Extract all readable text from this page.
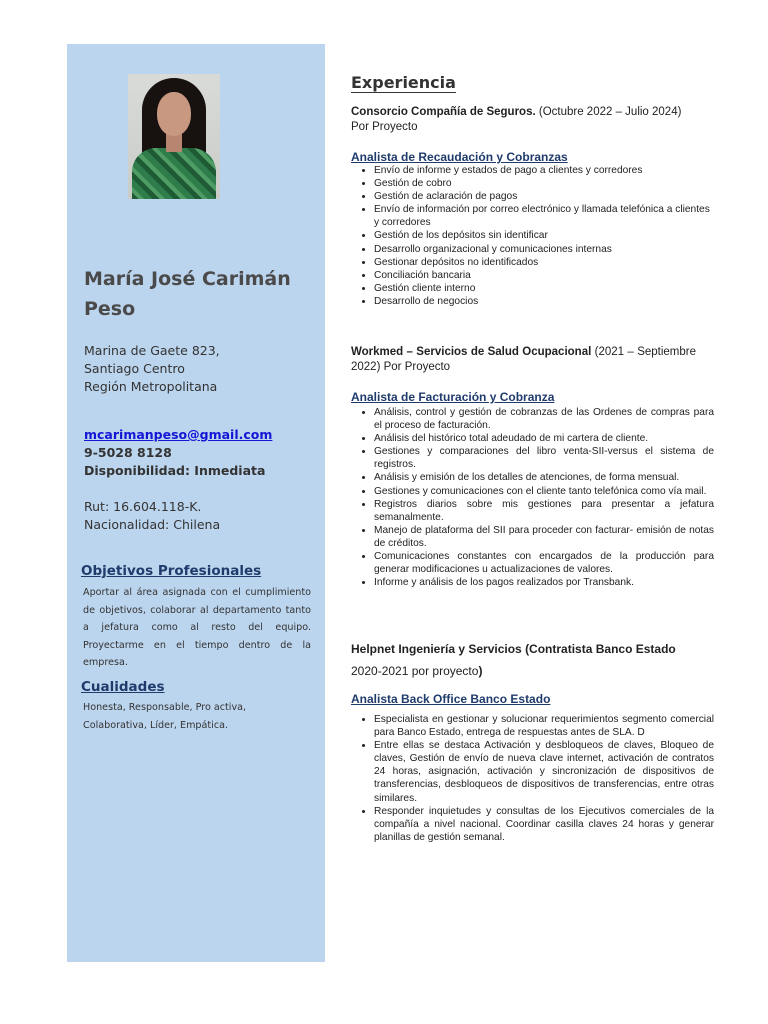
María José Carimán
Peso
Marina de Gaete 823,
Santiago Centro
Región Metropolitana
mcarimanpeso@gmail.com
9-5028 8128
Disponibilidad: Inmediata
Rut: 16.604.118-K.
Nacionalidad: Chilena
Objetivos Profesionales
Aportar al área asignada con el cumplimiento de objetivos, colaborar al departamento tanto a jefatura como al resto del equipo. Proyectarme en el tiempo dentro de la empresa.
Cualidades
Honesta, Responsable, Pro activa, Colaborativa, Líder, Empática.
Experiencia
Consorcio Compañía de Seguros. (Octubre 2022 – Julio 2024)
Por Proyecto
Analista de Recaudación y Cobranzas
• Envío de informe y estados de pago a clientes y corredores
• Gestión de cobro
• Gestión de aclaración de pagos
• Envío de información por correo electrónico y llamada telefónica a clientes y corredores
• Gestión de los depósitos sin identificar
• Desarrollo organizacional y comunicaciones internas
• Gestionar depósitos no identificados
• Conciliación bancaria
• Gestión cliente interno
• Desarrollo de negocios
Workmed – Servicios de Salud Ocupacional (2021 – Septiembre 2022) Por Proyecto
Analista de Facturación y Cobranza
• Análisis, control y gestión de cobranzas de las Ordenes de compras para el proceso de facturación.
• Análisis del histórico total adeudado de mi cartera de cliente.
• Gestiones y comparaciones del libro venta-SII-versus el sistema de registros.
• Análisis y emisión de los detalles de atenciones, de forma mensual.
• Gestiones y comunicaciones con el cliente tanto telefónica como vía mail.
• Registros diarios sobre mis gestiones para presentar a jefatura semanalmente.
• Manejo de plataforma del SII para proceder con facturar- emisión de notas de créditos.
• Comunicaciones constantes con encargados de la producción para generar modificaciones u actualizaciones de valores.
• Informe y análisis de los pagos realizados por Transbank.
Helpnet Ingeniería y Servicios (Contratista Banco Estado
2020-2021 por proyecto)
Analista Back Office Banco Estado
• Especialista en gestionar y solucionar requerimientos segmento comercial para Banco Estado, entrega de respuestas antes de SLA. D
• Entre ellas se destaca Activación y desbloqueos de claves, Bloqueo de claves, Gestión de envío de nueva clave internet, activación de contratos 24 horas, asignación, activación y sincronización de dispositivos de transferencias, desbloqueos de dispositivos de transferencias, entre otras similares.
• Responder inquietudes y consultas de los Ejecutivos comerciales de la compañía a nivel nacional. Coordinar casilla claves 24 horas y generar planillas de gestión semanal.
